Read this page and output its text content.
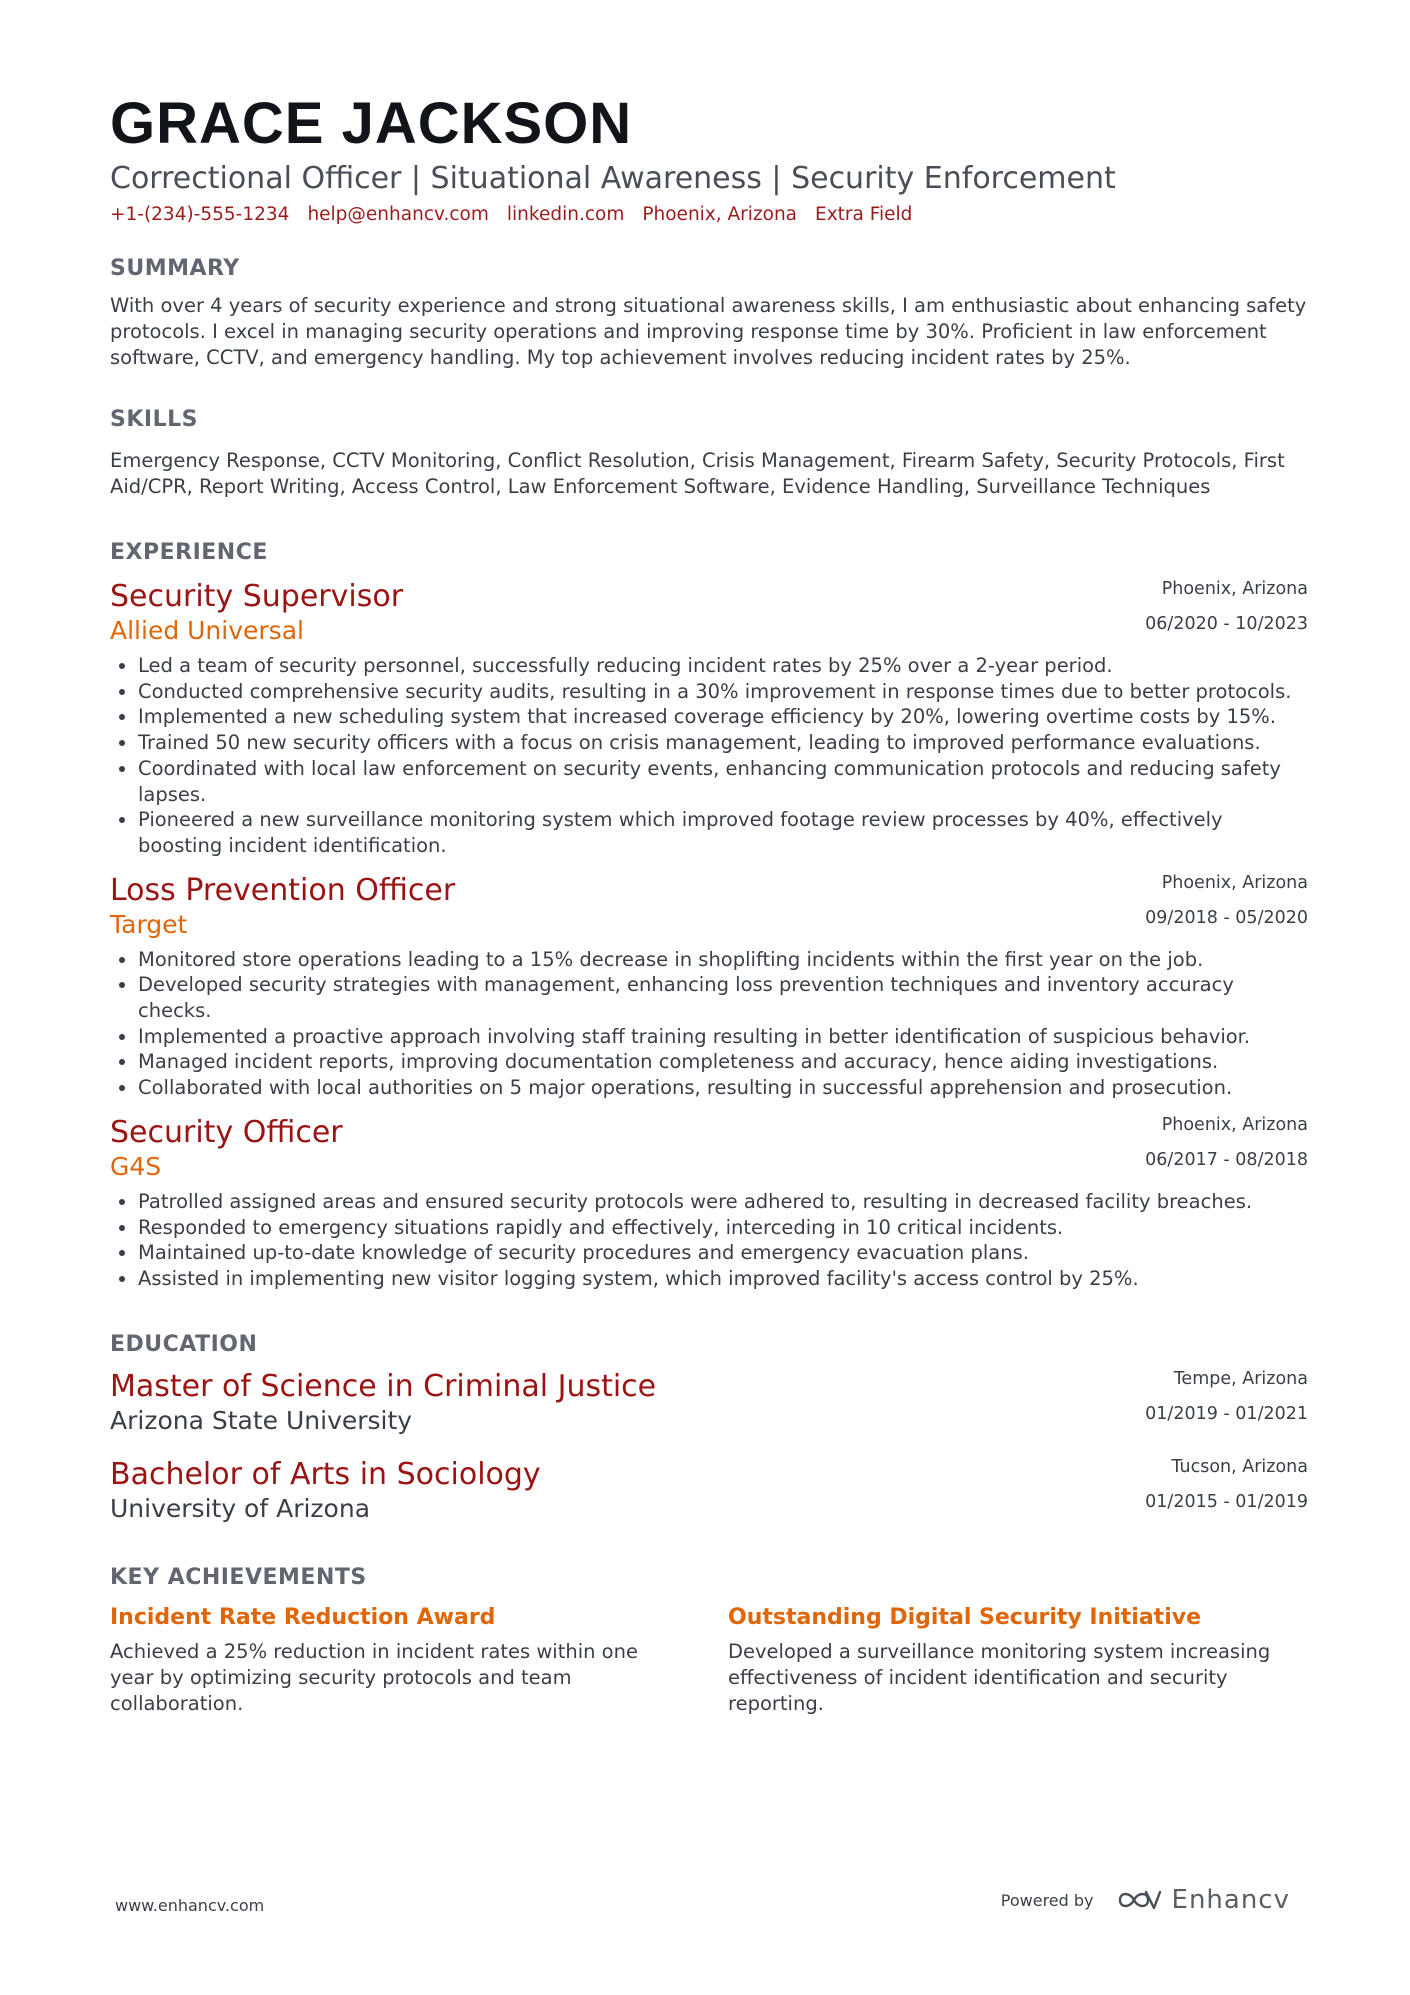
GRACE JACKSON
Correctional Officer | Situational Awareness | Security Enforcement
+1-(234)-555-1234 help@enhancv.com linkedin.com Phoenix, Arizona Extra Field
SUMMARY
With over 4 years of security experience and strong situational awareness skills, I am enthusiastic about enhancing safety protocols. I excel in managing security operations and improving response time by 30%. Proficient in law enforcement software, CCTV, and emergency handling. My top achievement involves reducing incident rates by 25%.
SKILLS
Emergency Response, CCTV Monitoring, Conflict Resolution, Crisis Management, Firearm Safety, Security Protocols, First Aid/CPR, Report Writing, Access Control, Law Enforcement Software, Evidence Handling, Surveillance Techniques
EXPERIENCE
Phoenix, Arizona
06/2020 - 10/2023
Security Supervisor
Allied Universal
• Led a team of security personnel, successfully reducing incident rates by 25% over a 2-year period.
• Conducted comprehensive security audits, resulting in a 30% improvement in response times due to better protocols.
• Implemented a new scheduling system that increased coverage efficiency by 20%, lowering overtime costs by 15%.
• Trained 50 new security officers with a focus on crisis management, leading to improved performance evaluations.
• Coordinated with local law enforcement on security events, enhancing communication protocols and reducing safety lapses.
• Pioneered a new surveillance monitoring system which improved footage review processes by 40%, effectively boosting incident identification.
Phoenix, Arizona
09/2018 - 05/2020
Loss Prevention Officer
Target
• Monitored store operations leading to a 15% decrease in shoplifting incidents within the first year on the job.
• Developed security strategies with management, enhancing loss prevention techniques and inventory accuracy checks.
• Implemented a proactive approach involving staff training resulting in better identification of suspicious behavior.
• Managed incident reports, improving documentation completeness and accuracy, hence aiding investigations.
• Collaborated with local authorities on 5 major operations, resulting in successful apprehension and prosecution.
Phoenix, Arizona
06/2017 - 08/2018
Security Officer
G4S
• Patrolled assigned areas and ensured security protocols were adhered to, resulting in decreased facility breaches.
• Responded to emergency situations rapidly and effectively, interceding in 10 critical incidents.
• Maintained up-to-date knowledge of security procedures and emergency evacuation plans.
• Assisted in implementing new visitor logging system, which improved facility's access control by 25%.
EDUCATION
Tempe, Arizona
01/2019 - 01/2021
Master of Science in Criminal Justice
Arizona State University
Tucson, Arizona
01/2015 - 01/2019
Bachelor of Arts in Sociology
University of Arizona
KEY ACHIEVEMENTS
Incident Rate Reduction Award
Achieved a 25% reduction in incident rates within one year by optimizing security protocols and team collaboration.
Outstanding Digital Security Initiative
Developed a surveillance monitoring system increasing effectiveness of incident identification and security reporting.
www.enhancv.com	Powered by	Enhancv
